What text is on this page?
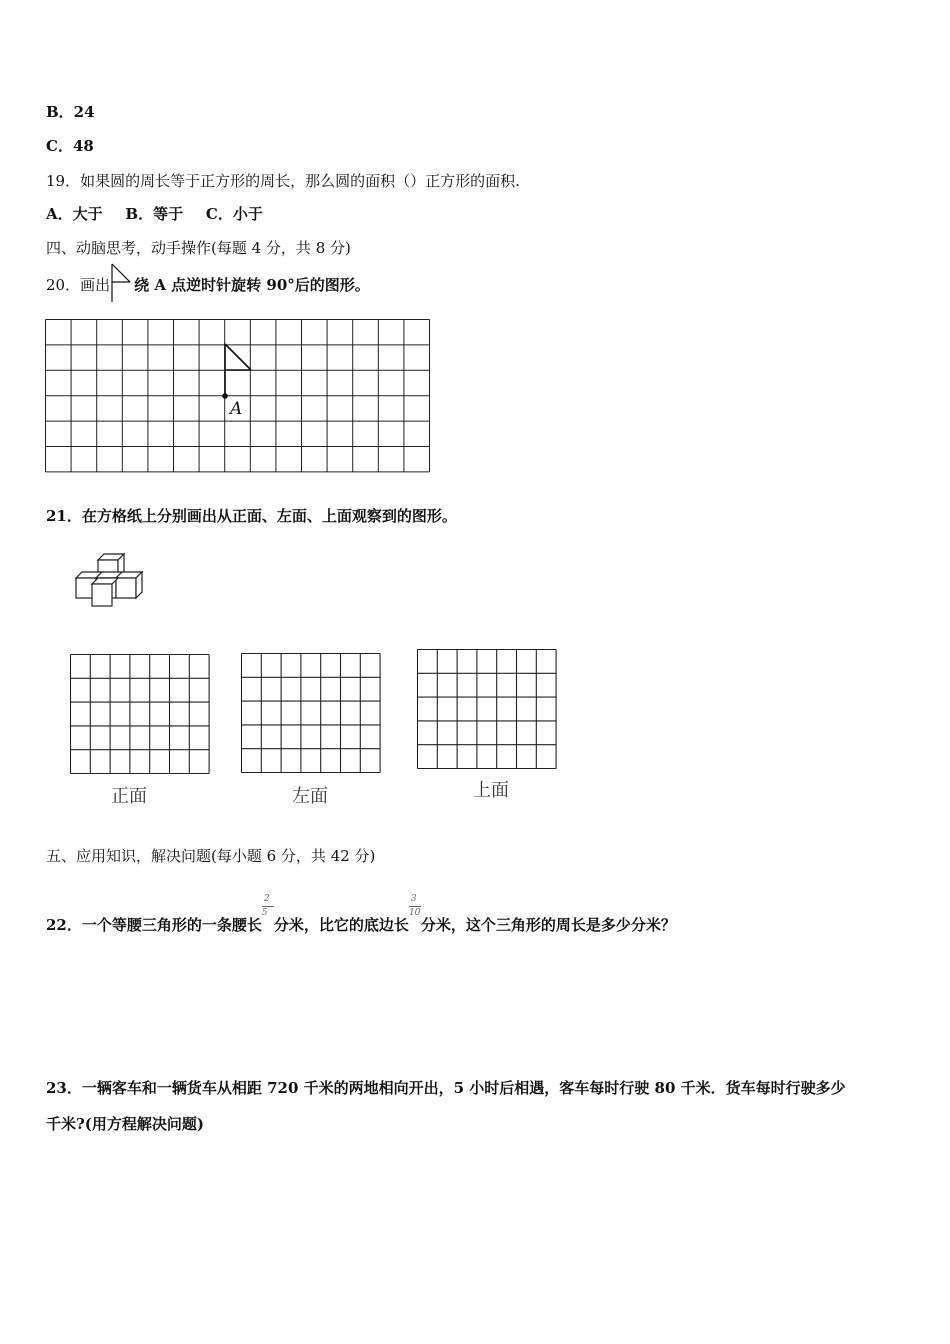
B．24
C．48
19．如果圆的周长等于正方形的周长，那么圆的面积（）正方形的面积.
A．大于 B．等于 C．小于
四、动脑思考，动手操作(每题 4 分，共 8 分)
20．画出 绕 A 点逆时针旋转 90°后的图形。
A
21．在方格纸上分别画出从正面、左面、上面观察到的图形。
正面	左面	上面
五、应用知识，解决问题(每小题 6 分，共 42 分)
22．一个等腰三角形的一条腰长 $\frac{2}{5}$ 分米，比它的底边长 $\frac{3}{10}$ 分米，这个三角形的周长是多少分米？
23．一辆客车和一辆货车从相距 720 千米的两地相向开出，5 小时后相遇，客车每时行驶 80 千米．货车每时行驶多少
千米?(用方程解决问题)
